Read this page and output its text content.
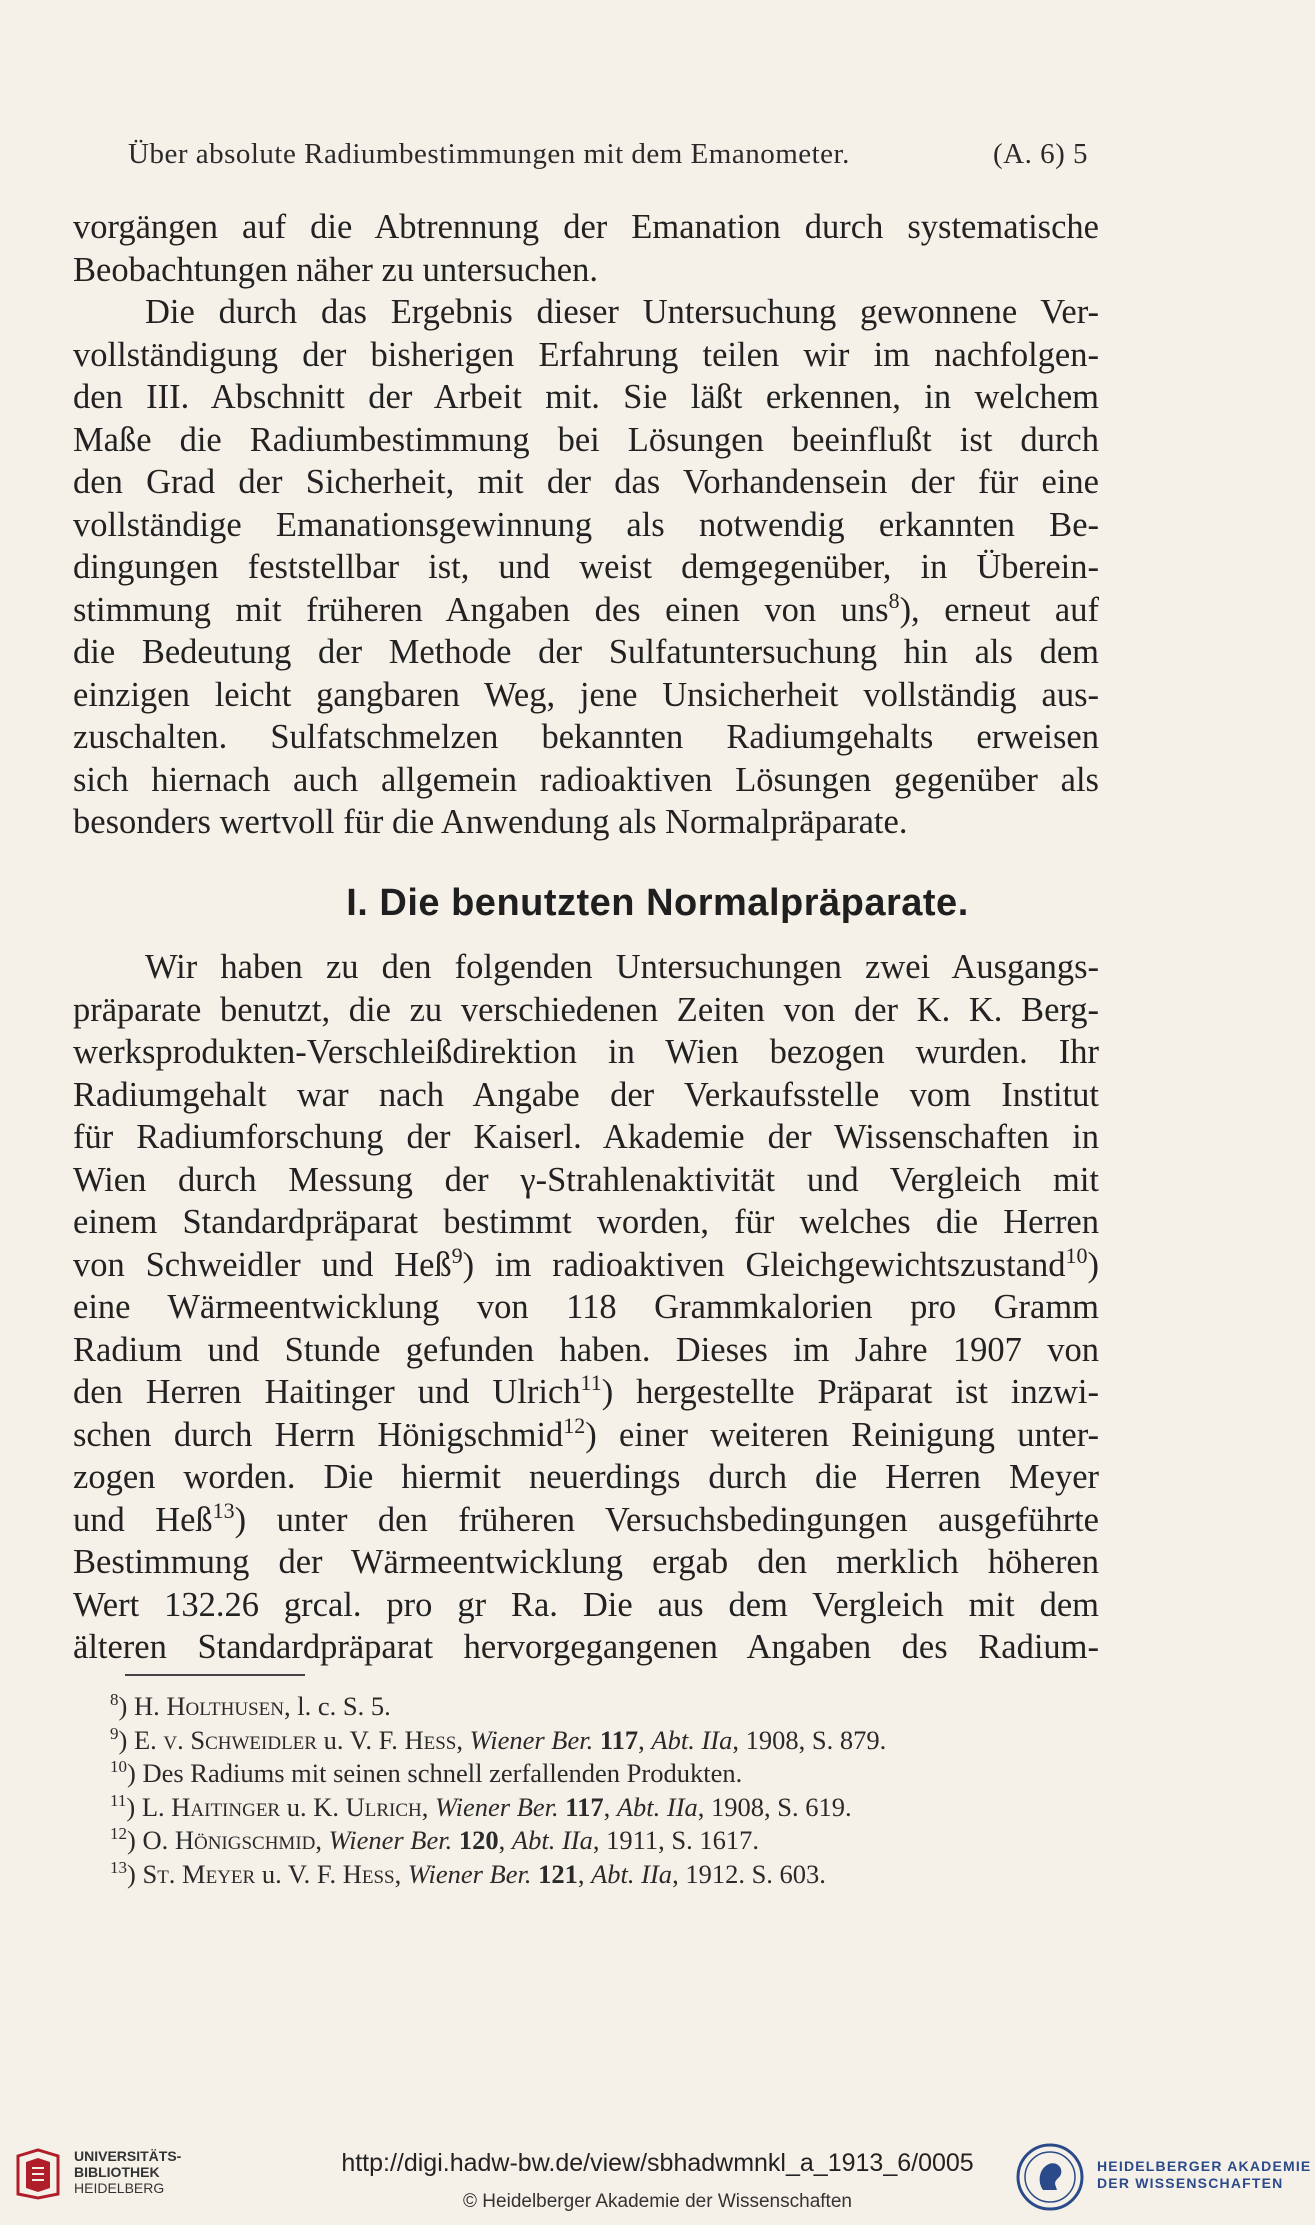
Über absolute Radiumbestimmungen mit dem Emanometer.	(A. 6) 5
vorgängen auf die Abtrennung der Emanation durch systematische
Beobachtungen näher zu untersuchen.
Die durch das Ergebnis dieser Untersuchung gewonnene Ver-
vollständigung der bisherigen Erfahrung teilen wir im nachfolgen-
den III. Abschnitt der Arbeit mit. Sie läßt erkennen, in welchem
Maße die Radiumbestimmung bei Lösungen beeinflußt ist durch
den Grad der Sicherheit, mit der das Vorhandensein der für eine
vollständige Emanationsgewinnung als notwendig erkannten Be-
dingungen feststellbar ist, und weist demgegenüber, in Überein-
stimmung mit früheren Angaben des einen von uns$^8$), erneut auf
die Bedeutung der Methode der Sulfatuntersuchung hin als dem
einzigen leicht gangbaren Weg, jene Unsicherheit vollständig aus-
zuschalten. Sulfatschmelzen bekannten Radiumgehalts erweisen
sich hiernach auch allgemein radioaktiven Lösungen gegenüber als
besonders wertvoll für die Anwendung als Normalpräparate.
I. Die benutzten Normalpräparate.
Wir haben zu den folgenden Untersuchungen zwei Ausgangs-
präparate benutzt, die zu verschiedenen Zeiten von der K. K. Berg-
werksprodukten-Verschleißdirektion in Wien bezogen wurden. Ihr
Radiumgehalt war nach Angabe der Verkaufsstelle vom Institut
für Radiumforschung der Kaiserl. Akademie der Wissenschaften in
Wien durch Messung der γ-Strahlenaktivität und Vergleich mit
einem Standardpräparat bestimmt worden, für welches die Herren
von Schweidler und Heß$^9$) im radioaktiven Gleichgewichtszustand$^{10}$)
eine Wärmeentwicklung von 118 Grammkalorien pro Gramm
Radium und Stunde gefunden haben. Dieses im Jahre 1907 von
den Herren Haitinger und Ulrich$^{11}$) hergestellte Präparat ist inzwi-
schen durch Herrn Hönigschmid$^{12}$) einer weiteren Reinigung unter-
zogen worden. Die hiermit neuerdings durch die Herren Meyer
und Heß$^{13}$) unter den früheren Versuchsbedingungen ausgeführte
Bestimmung der Wärmeentwicklung ergab den merklich höheren
Wert 132.26 grcal. pro gr Ra. Die aus dem Vergleich mit dem
älteren Standardpräparat hervorgegangenen Angaben des Radium-
$^8$) H. Holthusen, l. c. S. 5.
$^9$) E. v. Schweidler u. V. F. Hess, Wiener Ber. 117, Abt. IIa, 1908, S. 879.
$^{10}$) Des Radiums mit seinen schnell zerfallenden Produkten.
$^{11}$) L. Haitinger u. K. Ulrich, Wiener Ber. 117, Abt. IIa, 1908, S. 619.
$^{12}$) O. Hönigschmid, Wiener Ber. 120, Abt. IIa, 1911, S. 1617.
$^{13}$) St. Meyer u. V. F. Hess, Wiener Ber. 121, Abt. IIa, 1912. S. 603.
UNIVERSITÄTS-
BIBLIOTHEK
HEIDELBERG
http://digi.hadw-bw.de/view/sbhadwmnkl_a_1913_6/0005
© Heidelberger Akademie der Wissenschaften
HEIDELBERGER AKADEMIE
DER WISSENSCHAFTEN
